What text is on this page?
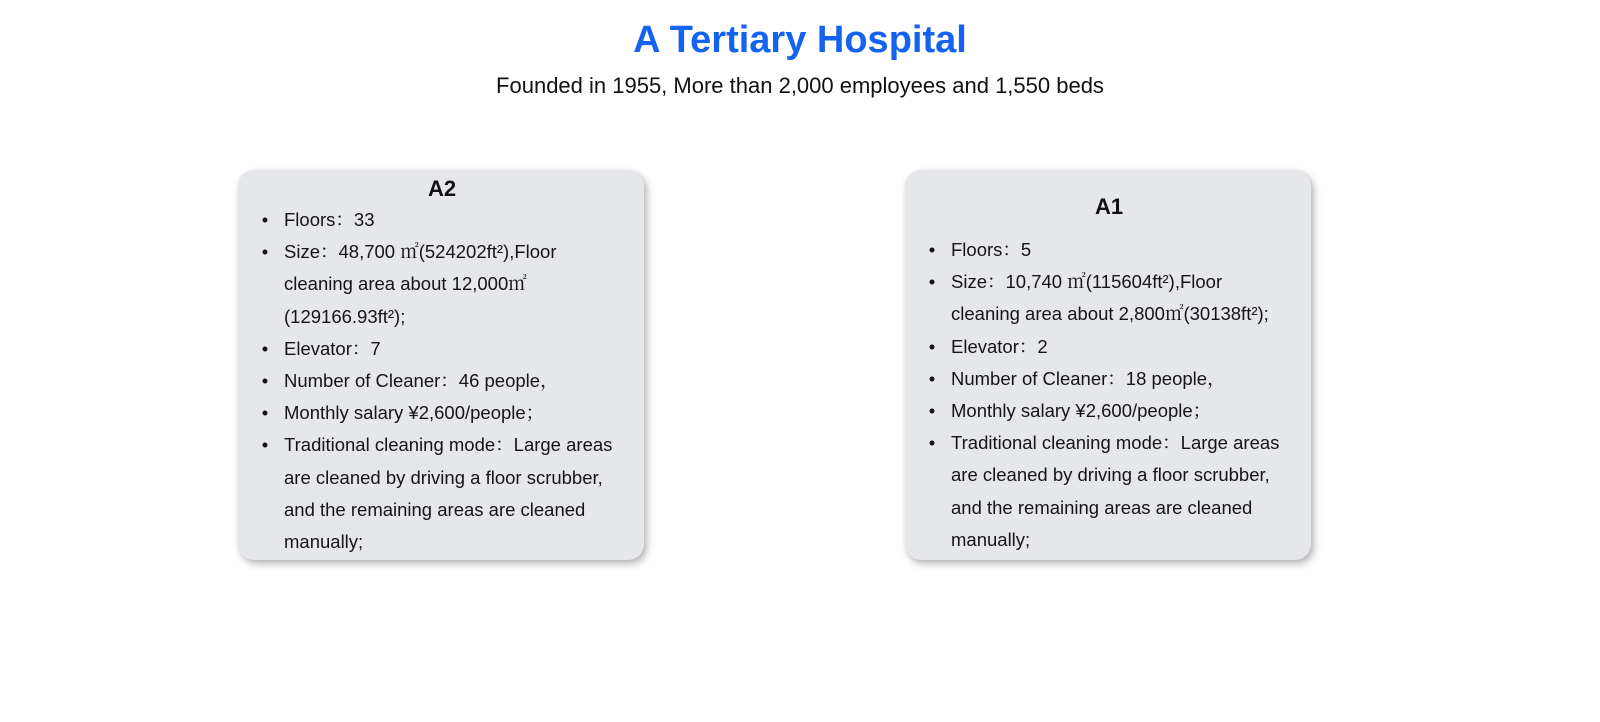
A Tertiary Hospital

Founded in 1955, More than 2,000 employees and 1,550 beds

A2
• Floors：33
• Size：48,700 ㎡(524202ft²),Floor cleaning area about 12,000㎡ (129166.93ft²);
• Elevator：7
• Number of Cleaner：46 people，
• Monthly salary ¥2,600/people；
• Traditional cleaning mode：Large areas are cleaned by driving a floor scrubber, and the remaining areas are cleaned manually;
A1
• Floors：5
• Size：10,740 ㎡(115604ft²),Floor cleaning area about 2,800㎡(30138ft²);
• Elevator：2
• Number of Cleaner：18 people，
• Monthly salary ¥2,600/people；
• Traditional cleaning mode：Large areas are cleaned by driving a floor scrubber, and the remaining areas are cleaned manually;
